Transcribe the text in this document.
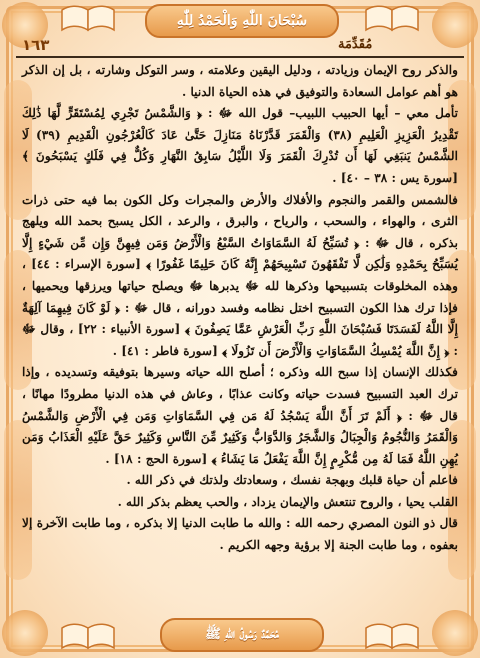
سُبْحَانَ اللّٰهِ وَالْحَمْدُ لِلّٰهِ
مُحَمَّدٌ رَسُولُ اللّٰهِ ﷺ
١٦٣	مُقَدِّمَة

والذكر روح الإيمان وزيادته ، ودليل اليقين وعلامته ، وسر التوكل وشارته ، بل إن الذكر هو أهم عوامل السعادة والتوفيق في هذه الحياة الدنيا .

تأمل معي – أيها الحبيب اللبيب– قول الله ﷻ : ﴿ وَالشَّمْسُ تَجْرِي لِمُسْتَقَرٍّ لَّهَا ذَٰلِكَ تَقْدِيرُ الْعَزِيزِ الْعَلِيمِ (٣٨) وَالْقَمَرَ قَدَّرْنَاهُ مَنَازِلَ حَتَّىٰ عَادَ كَالْعُرْجُونِ الْقَدِيمِ (٣٩) لَا الشَّمْسُ يَنبَغِي لَهَا أَن تُدْرِكَ الْقَمَرَ وَلَا اللَّيْلُ سَابِقُ النَّهَارِ وَكُلٌّ فِي فَلَكٍ يَسْبَحُونَ ﴾ [سورة يس : ٣٨ – ٤٠] .

فالشمس والقمر والنجوم والأفلاك والأرض والمجرات وكل الكون بما فيه حتى ذرات الثرى ، والهواء ، والسحب ، والرياح ، والبرق ، والرعد ، الكل يسبح بحمد الله ويلهج بذكره ، قال ﷻ : ﴿ تُسَبِّحُ لَهُ السَّمَاوَاتُ السَّبْعُ وَالْأَرْضُ وَمَن فِيهِنَّ وَإِن مِّن شَيْءٍ إِلَّا يُسَبِّحُ بِحَمْدِهِ وَلَٰكِن لَّا تَفْقَهُونَ تَسْبِيحَهُمْ إِنَّهُ كَانَ حَلِيمًا غَفُورًا ﴾ [سورة الإسراء : ٤٤] ، وهذه المخلوقات بتسبيحها وذكرها لله ﷻ يدبرها ﷻ ويصلح حياتها ويرزقها ويحميها ، فإذا ترك هذا الكون التسبيح اختل نظامه وفسد دورانه ، قال ﷻ : ﴿ لَوْ كَانَ فِيهِمَا آلِهَةٌ إِلَّا اللَّهُ لَفَسَدَتَا فَسُبْحَانَ اللَّهِ رَبِّ الْعَرْشِ عَمَّا يَصِفُونَ ﴾ [سورة الأنبياء : ٢٢] ، وقال ﷻ : ﴿ إِنَّ اللَّهَ يُمْسِكُ السَّمَاوَاتِ وَالْأَرْضَ أَن تَزُولَا ﴾ [سورة فاطر : ٤١] .

فكذلك الإنسان إذا سبح الله وذكره ؛ أصلح الله حياته وسيرها بتوفيقه وتسديده ، وإذا ترك العبد التسبيح فسدت حياته وكانت عذابًا ، وعاش في هذه الدنيا مطرودًا مهانًا ، قال ﷻ : ﴿ أَلَمْ تَرَ أَنَّ اللَّهَ يَسْجُدُ لَهُ مَن فِي السَّمَاوَاتِ وَمَن فِي الْأَرْضِ وَالشَّمْسُ وَالْقَمَرُ وَالنُّجُومُ وَالْجِبَالُ وَالشَّجَرُ وَالدَّوَابُّ وَكَثِيرٌ مِّنَ النَّاسِ وَكَثِيرٌ حَقَّ عَلَيْهِ الْعَذَابُ وَمَن يُهِنِ اللَّهُ فَمَا لَهُ مِن مُّكْرِمٍ إِنَّ اللَّهَ يَفْعَلُ مَا يَشَاءُ ﴾ [سورة الحج : ١٨] .

فاعلم أن حياة قلبك وبهجة نفسك ، وسعادتك ولذتك في ذكر الله .

القلب يحيا ، والروح تنتعش والإيمان يزداد ، والحب يعظم بذكر الله .

قال ذو النون المصري رحمه الله : والله ما طابت الدنيا إلا بذكره ، وما طابت الآخرة إلا بعفوه ، وما طابت الجنة إلا برؤية وجهه الكريم .
